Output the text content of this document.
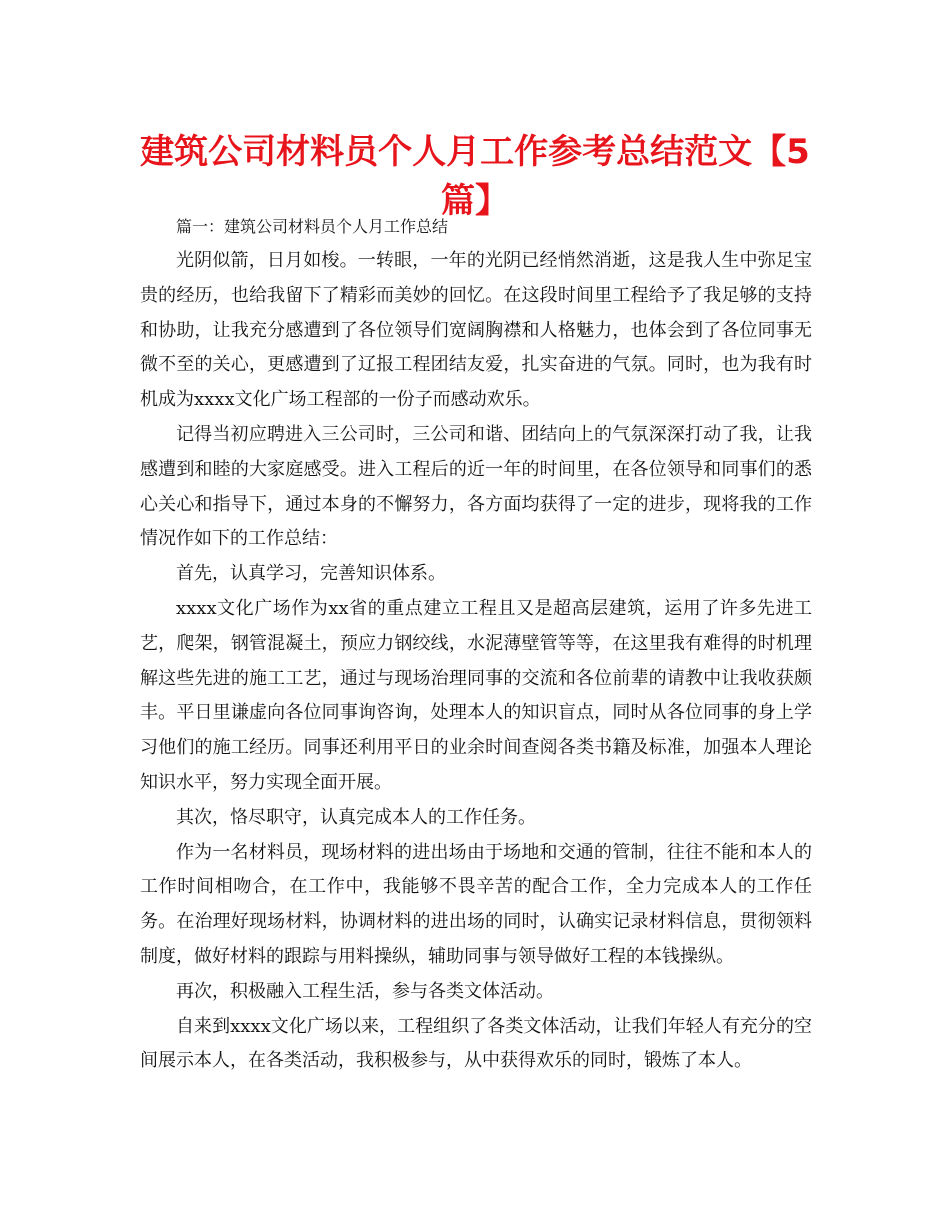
建筑公司材料员个人月工作参考总结范文【5篇】

篇一：建筑公司材料员个人月工作总结

光阴似箭，日月如梭。一转眼，一年的光阴已经悄然消逝，这是我人生中弥足宝贵的经历，也给我留下了精彩而美妙的回忆。在这段时间里工程给予了我足够的支持和协助，让我充分感遭到了各位领导们宽阔胸襟和人格魅力，也体会到了各位同事无微不至的关心，更感遭到了辽报工程团结友爱，扎实奋进的气氛。同时，也为我有时机成为xxxx文化广场工程部的一份子而感动欢乐。

记得当初应聘进入三公司时，三公司和谐、团结向上的气氛深深打动了我，让我感遭到和睦的大家庭感受。进入工程后的近一年的时间里，在各位领导和同事们的悉心关心和指导下，通过本身的不懈努力，各方面均获得了一定的进步，现将我的工作情况作如下的工作总结：

首先，认真学习，完善知识体系。

xxxx文化广场作为xx省的重点建立工程且又是超高层建筑，运用了许多先进工艺，爬架，钢管混凝土，预应力钢绞线，水泥薄壁管等等，在这里我有难得的时机理解这些先进的施工工艺，通过与现场治理同事的交流和各位前辈的请教中让我收获颇丰。平日里谦虚向各位同事询咨询，处理本人的知识盲点，同时从各位同事的身上学习他们的施工经历。同事还利用平日的业余时间查阅各类书籍及标准，加强本人理论知识水平，努力实现全面开展。

其次，恪尽职守，认真完成本人的工作任务。

作为一名材料员，现场材料的进出场由于场地和交通的管制，往往不能和本人的工作时间相吻合，在工作中，我能够不畏辛苦的配合工作，全力完成本人的工作任务。在治理好现场材料，协调材料的进出场的同时，认确实记录材料信息，贯彻领料制度，做好材料的跟踪与用料操纵，辅助同事与领导做好工程的本钱操纵。

再次，积极融入工程生活，参与各类文体活动。

自来到xxxx文化广场以来，工程组织了各类文体活动，让我们年轻人有充分的空间展示本人，在各类活动，我积极参与，从中获得欢乐的同时，锻炼了本人。
